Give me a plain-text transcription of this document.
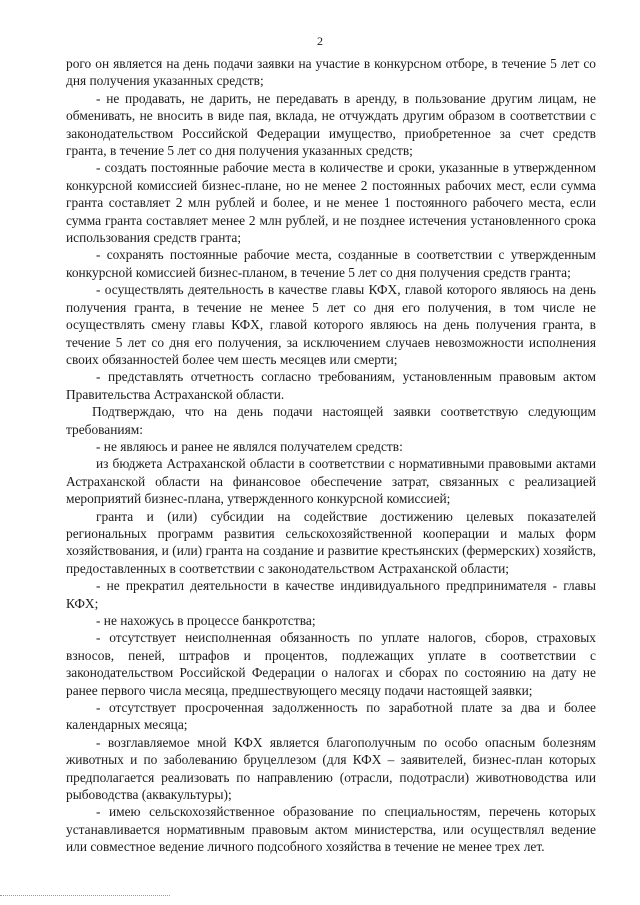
2

рого он является на день подачи заявки на участие в конкурсном отборе, в течение 5 лет со дня получения указанных средств;

- не продавать, не дарить, не передавать в аренду, в пользование другим лицам, не обменивать, не вносить в виде пая, вклада, не отчуждать другим образом в соответствии с законодательством Российской Федерации имущество, приобретенное за счет средств гранта, в течение 5 лет со дня получения указанных средств;

- создать постоянные рабочие места в количестве и сроки, указанные в утвержденном конкурсной комиссией бизнес-плане, но не менее 2 постоянных рабочих мест, если сумма гранта составляет 2 млн рублей и более, и не менее 1 постоянного рабочего места, если сумма гранта составляет менее 2 млн рублей, и не позднее истечения установленного срока использования средств гранта;

- сохранять постоянные рабочие места, созданные в соответствии с утвержденным конкурсной комиссией бизнес-планом, в течение 5 лет со дня получения средств гранта;

- осуществлять деятельность в качестве главы КФХ, главой которого являюсь на день получения гранта, в течение не менее 5 лет со дня его получения, в том числе не осуществлять смену главы КФХ, главой которого являюсь на день получения гранта, в течение 5 лет со дня его получения, за исключением случаев невозможности исполнения своих обязанностей более чем шесть месяцев или смерти;

- представлять отчетность согласно требованиям, установленным правовым актом Правительства Астраханской области.

Подтверждаю, что на день подачи настоящей заявки соответствую следующим требованиям:

- не являюсь и ранее не являлся получателем средств:

из бюджета Астраханской области в соответствии с нормативными правовыми актами Астраханской области на финансовое обеспечение затрат, связанных с реализацией мероприятий бизнес-плана, утвержденного конкурсной комиссией;

гранта и (или) субсидии на содействие достижению целевых показателей региональных программ развития сельскохозяйственной кооперации и малых форм хозяйствования, и (или) гранта на создание и развитие крестьянских (фермерских) хозяйств, предоставленных в соответствии с законодательством Астраханской области;

- не прекратил деятельности в качестве индивидуального предпринимателя - главы КФХ;

- не нахожусь в процессе банкротства;

- отсутствует неисполненная обязанность по уплате налогов, сборов, страховых взносов, пеней, штрафов и процентов, подлежащих уплате в соответствии с законодательством Российской Федерации о налогах и сборах по состоянию на дату не ранее первого числа месяца, предшествующего месяцу подачи настоящей заявки;

- отсутствует просроченная задолженность по заработной плате за два и более календарных месяца;

- возглавляемое мной КФХ является благополучным по особо опасным болезням животных и по заболеванию бруцеллезом (для КФХ – заявителей, бизнес-план которых предполагается реализовать по направлению (отрасли, подотрасли) животноводства или рыбоводства (аквакультуры);

- имею сельскохозяйственное образование по специальностям, перечень которых устанавливается нормативным правовым актом министерства, или осуществлял ведение или совместное ведение личного подсобного хозяйства в течение не менее трех лет.
